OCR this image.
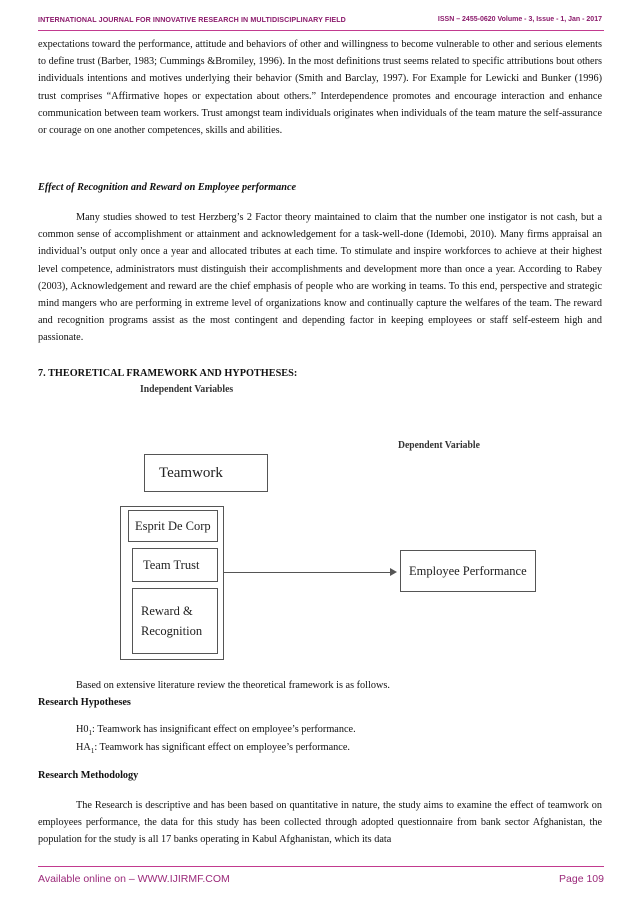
INTERNATIONAL JOURNAL FOR INNOVATIVE RESEARCH IN MULTIDISCIPLINARY FIELD	ISSN – 2455-0620 Volume - 3, Issue - 1, Jan - 2017

expectations toward the performance, attitude and behaviors of other and willingness to become vulnerable to other and serious elements to define trust (Barber, 1983; Cummings &Bromiley, 1996). In the most definitions trust seems related to specific attributions bout others individuals intentions and motives underlying their behavior (Smith and Barclay, 1997). For Example for Lewicki and Bunker (1996) trust comprises “Affirmative hopes or expectation about others.” Interdependence promotes and encourage interaction and enhance communication between team workers. Trust amongst team individuals originates when individuals of the team mature the self-assurance or courage on one another competences, skills and abilities.

Effect of Recognition and Reward on Employee performance

Many studies showed to test Herzberg’s 2 Factor theory maintained to claim that the number one instigator is not cash, but a common sense of accomplishment or attainment and acknowledgement for a task-well-done (Idemobi, 2010). Many firms appraisal an individual’s output only once a year and allocated tributes at each time. To stimulate and inspire workforces to achieve at their highest level competence, administrators must distinguish their accomplishments and development more than once a year. According to Rabey (2003), Acknowledgement and reward are the chief emphasis of people who are working in teams. To this end, perspective and strategic mind mangers who are performing in extreme level of organizations know and continually capture the welfares of the team. The reward and recognition programs assist as the most contingent and depending factor in keeping employees or staff self-esteem high and passionate.

7. THEORETICAL FRAMEWORK AND HYPOTHESES:
Independent Variables
Dependent Variable
Teamwork
Esprit De Corp
Team Trust
Reward &
Recognition
Employee Performance
Based on extensive literature review the theoretical framework is as follows.
Research Hypotheses
$H0_1$: Teamwork has insignificant effect on employee’s performance.
$HA_1$: Teamwork has significant effect on employee’s performance.
Research Methodology

The Research is descriptive and has been based on quantitative in nature, the study aims to examine the effect of teamwork on employees performance, the data for this study has been collected through adopted questionnaire from bank sector Afghanistan, the population for the study is all 17 banks operating in Kabul Afghanistan, which its data

Available online on – WWW.IJIRMF.COM	Page 109
